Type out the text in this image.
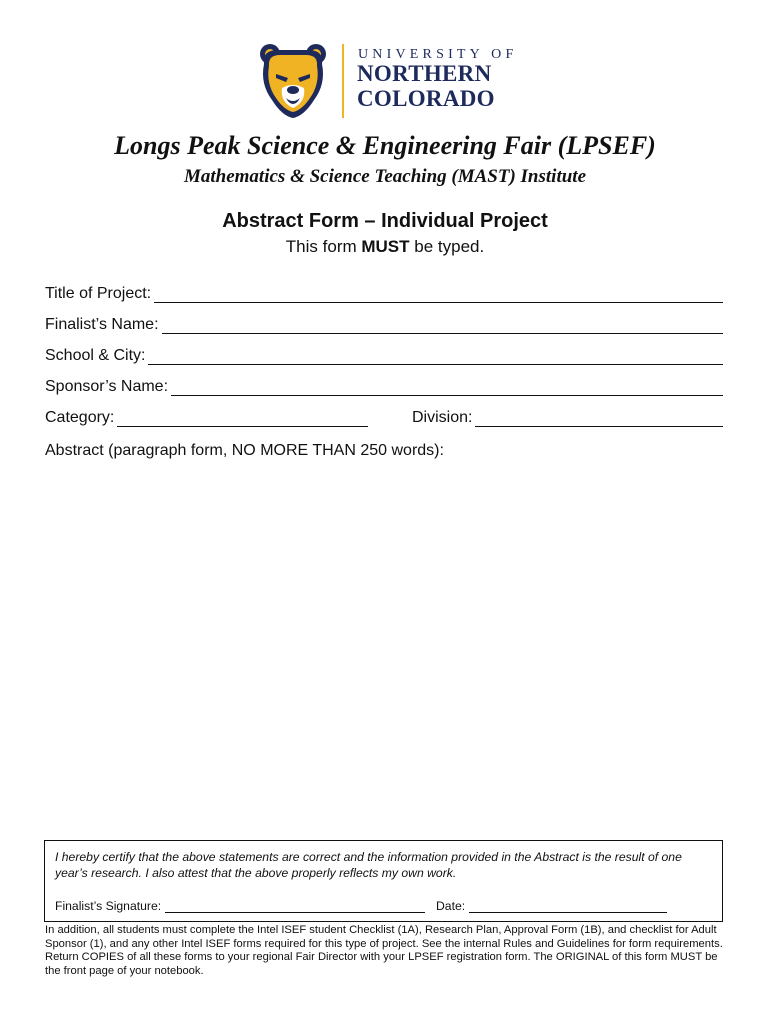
UNIVERSITY OF
NORTHERN
COLORADO
Longs Peak Science & Engineering Fair (LPSEF)
Mathematics & Science Teaching (MAST) Institute
Abstract Form – Individual Project
This form MUST be typed.
Title of Project:
Finalist’s Name:
School & City:
Sponsor’s Name:
Category:	Division:
Abstract (paragraph form, NO MORE THAN 250 words):
I hereby certify that the above statements are correct and the information provided in the Abstract is the result of one year’s research. I also attest that the above properly reflects my own work.
Finalist’s Signature:	Date:
In addition, all students must complete the Intel ISEF student Checklist (1A), Research Plan, Approval Form (1B), and checklist for Adult Sponsor (1), and any other Intel ISEF forms required for this type of project. See the internal Rules and Guidelines for form requirements. Return COPIES of all these forms to your regional Fair Director with your LPSEF registration form. The ORIGINAL of this form MUST be the front page of your notebook.
